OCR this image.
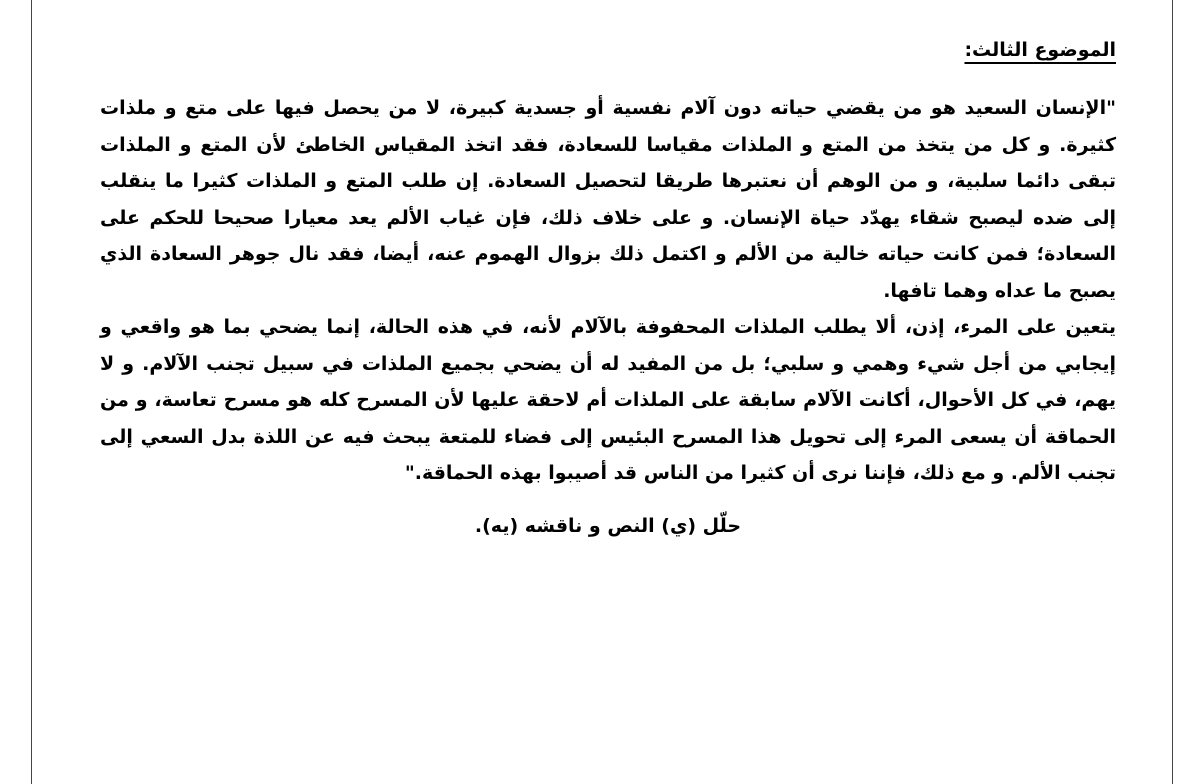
الموضوع الثالث:

"الإنسان السعيد هو من يقضي حياته دون آلام نفسية أو جسدية كبيرة، لا من يحصل فيها على متع و ملذات كثيرة. و كل من يتخذ من المتع و الملذات مقياسا للسعادة، فقد اتخذ المقياس الخاطئ لأن المتع و الملذات تبقى دائما سلبية، و من الوهم أن نعتبرها طريقا لتحصيل السعادة. إن طلب المتع و الملذات كثيرا ما ينقلب إلى ضده ليصبح شقاء يهدّد حياة الإنسان. و على خلاف ذلك، فإن غياب الألم يعد معيارا صحيحا للحكم على السعادة؛ فمن كانت حياته خالية من الألم و اكتمل ذلك بزوال الهموم عنه، أيضا، فقد نال جوهر السعادة الذي يصبح ما عداه وهما تافها.

يتعين على المرء، إذن، ألا يطلب الملذات المحفوفة بالآلام لأنه، في هذه الحالة، إنما يضحي بما هو واقعي و إيجابي من أجل شيء وهمي و سلبي؛ بل من المفيد له أن يضحي بجميع الملذات في سبيل تجنب الآلام. و لا يهم، في كل الأحوال، أكانت الآلام سابقة على الملذات أم لاحقة عليها لأن المسرح كله هو مسرح تعاسة، و من الحماقة أن يسعى المرء إلى تحويل هذا المسرح البئيس إلى فضاء للمتعة يبحث فيه عن اللذة بدل السعي إلى تجنب الألم. و مع ذلك، فإننا نرى أن كثيرا من الناس قد أصيبوا بهذه الحماقة."

حلّل (ي) النص و ناقشه (يه).
